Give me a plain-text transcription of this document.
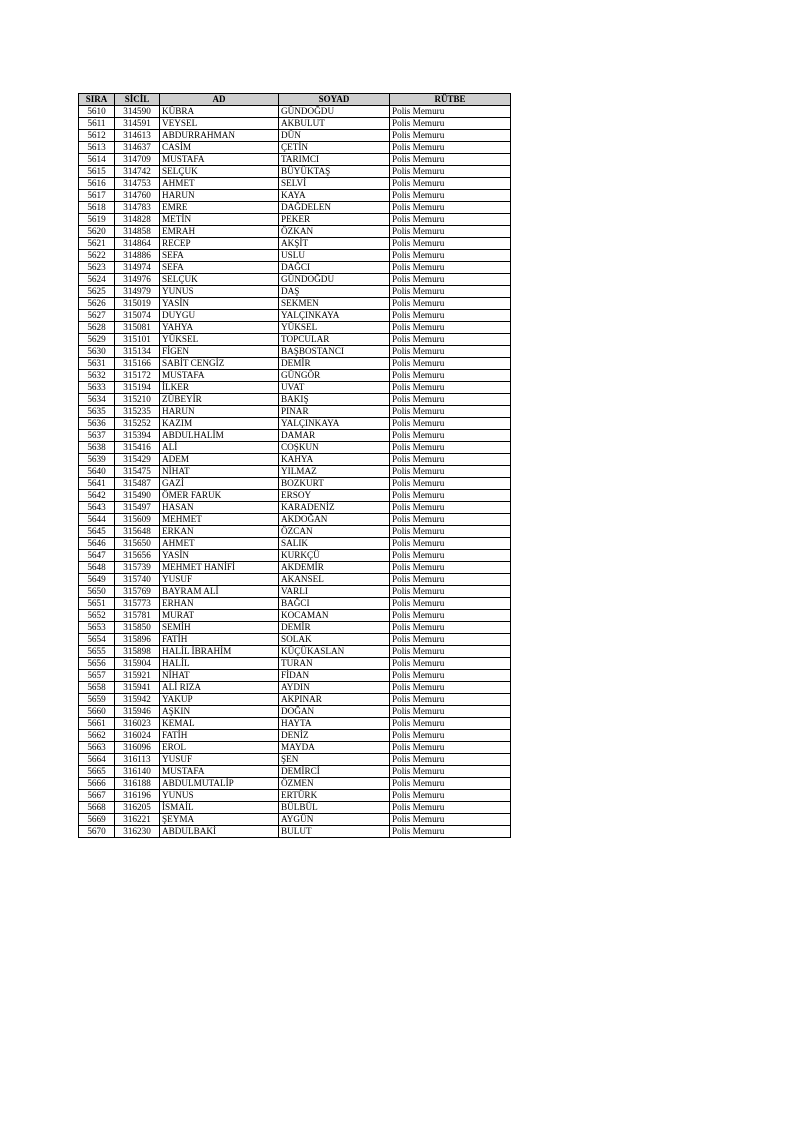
SIRA	SİCİL	AD	SOYAD	RÜTBE
5610	314590	KÜBRA	GÜNDOĞDU	Polis Memuru
5611	314591	VEYSEL	AKBULUT	Polis Memuru
5612	314613	ABDURRAHMAN	DÜN	Polis Memuru
5613	314637	CASİM	ÇETİN	Polis Memuru
5614	314709	MUSTAFA	TARIMCI	Polis Memuru
5615	314742	SELÇUK	BÜYÜKTAŞ	Polis Memuru
5616	314753	AHMET	SELVİ	Polis Memuru
5617	314760	HARUN	KAYA	Polis Memuru
5618	314783	EMRE	DAĞDELEN	Polis Memuru
5619	314828	METİN	PEKER	Polis Memuru
5620	314858	EMRAH	ÖZKAN	Polis Memuru
5621	314864	RECEP	AKŞİT	Polis Memuru
5622	314886	SEFA	USLU	Polis Memuru
5623	314974	SEFA	DAĞCI	Polis Memuru
5624	314976	SELÇUK	GÜNDOĞDU	Polis Memuru
5625	314979	YUNUS	DAŞ	Polis Memuru
5626	315019	YASİN	SEKMEN	Polis Memuru
5627	315074	DUYGU	YALÇINKAYA	Polis Memuru
5628	315081	YAHYA	YÜKSEL	Polis Memuru
5629	315101	YÜKSEL	TOPCULAR	Polis Memuru
5630	315134	FİGEN	BAŞBOSTANCI	Polis Memuru
5631	315166	SABİT CENGİZ	DEMİR	Polis Memuru
5632	315172	MUSTAFA	GÜNGÖR	Polis Memuru
5633	315194	İLKER	UVAT	Polis Memuru
5634	315210	ZÜBEYİR	BAKIŞ	Polis Memuru
5635	315235	HARUN	PINAR	Polis Memuru
5636	315252	KAZIM	YALÇINKAYA	Polis Memuru
5637	315394	ABDULHALİM	DAMAR	Polis Memuru
5638	315416	ALİ	COŞKUN	Polis Memuru
5639	315429	ADEM	KAHYA	Polis Memuru
5640	315475	NİHAT	YILMAZ	Polis Memuru
5641	315487	GAZİ	BOZKURT	Polis Memuru
5642	315490	ÖMER FARUK	ERSOY	Polis Memuru
5643	315497	HASAN	KARADENİZ	Polis Memuru
5644	315609	MEHMET	AKDOĞAN	Polis Memuru
5645	315648	ERKAN	ÖZCAN	Polis Memuru
5646	315650	AHMET	SALIK	Polis Memuru
5647	315656	YASİN	KURKÇÜ	Polis Memuru
5648	315739	MEHMET HANİFİ	AKDEMİR	Polis Memuru
5649	315740	YUSUF	AKANSEL	Polis Memuru
5650	315769	BAYRAM ALİ	VARLI	Polis Memuru
5651	315773	ERHAN	BAĞCI	Polis Memuru
5652	315781	MURAT	KOCAMAN	Polis Memuru
5653	315850	SEMİH	DEMİR	Polis Memuru
5654	315896	FATİH	SOLAK	Polis Memuru
5655	315898	HALİL İBRAHİM	KÜÇÜKASLAN	Polis Memuru
5656	315904	HALİL	TURAN	Polis Memuru
5657	315921	NİHAT	FİDAN	Polis Memuru
5658	315941	ALİ RIZA	AYDIN	Polis Memuru
5659	315942	YAKUP	AKPINAR	Polis Memuru
5660	315946	AŞKIN	DOĞAN	Polis Memuru
5661	316023	KEMAL	HAYTA	Polis Memuru
5662	316024	FATİH	DENİZ	Polis Memuru
5663	316096	EROL	MAYDA	Polis Memuru
5664	316113	YUSUF	ŞEN	Polis Memuru
5665	316140	MUSTAFA	DEMİRCİ	Polis Memuru
5666	316188	ABDULMUTALİP	ÖZMEN	Polis Memuru
5667	316196	YUNUS	ERTÜRK	Polis Memuru
5668	316205	İSMAİL	BÜLBÜL	Polis Memuru
5669	316221	ŞEYMA	AYGÜN	Polis Memuru
5670	316230	ABDULBAKİ	BULUT	Polis Memuru
